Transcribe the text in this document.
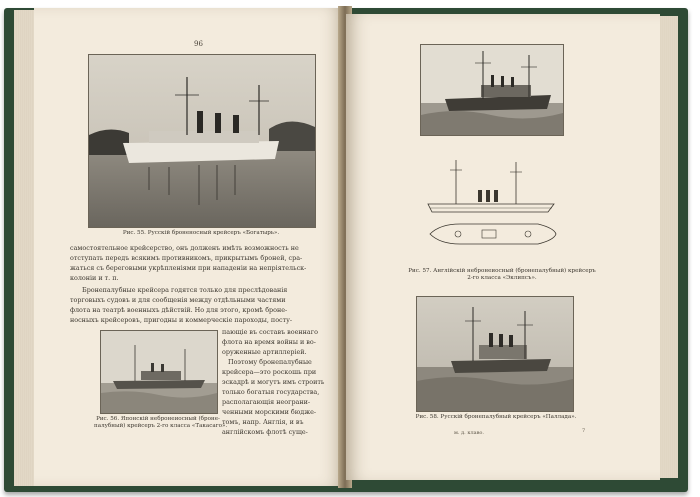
96
Рис. 55. Русскій броненосный крейсеръ «Богатырь».
самостоятельное крейсерство, онъ долженъ имѣть возможность не
отступать передъ всякимъ противникомъ, прикрытымъ броней, сра-
жаться съ береговыми укрѣпленіями при нападеніи на непріятельск-
колоніи и т. п.
Бронепалубные крейсера годятся только для преслѣдованія
торговыхъ судовъ и для сообщенія между отдѣльными частями
флота на театрѣ военныхъ дѣйствій. Но для этого, кромѣ броне-
носныхъ крейсеровъ, пригодны и коммерческіе пароходы, посту-
Рис. 56. Японскій небронеиосный (броне-
палубный) крейсеръ 2-го класса «Такасаго».
пающіе въ составъ военнаго
флота на время войны и во-
оруженные артиллеріей.
Поэтому бронепалубные
крейсера—это роскошь при
эскадрѣ и могутъ имъ строить
только богатыя государства,
располагающія неограни-
ченными морскими бюдже-
томъ, напр. Англія, и въ
англійскомъ флотѣ суще-
Рис. 57. Англійскій небронеиосный (бронепалубный) крейсеръ
2-го класса «Эклипсъ».
Рис. 58. Русскій бронепалубный крейсеръ «Паллада».
м. д. клаво.	7
